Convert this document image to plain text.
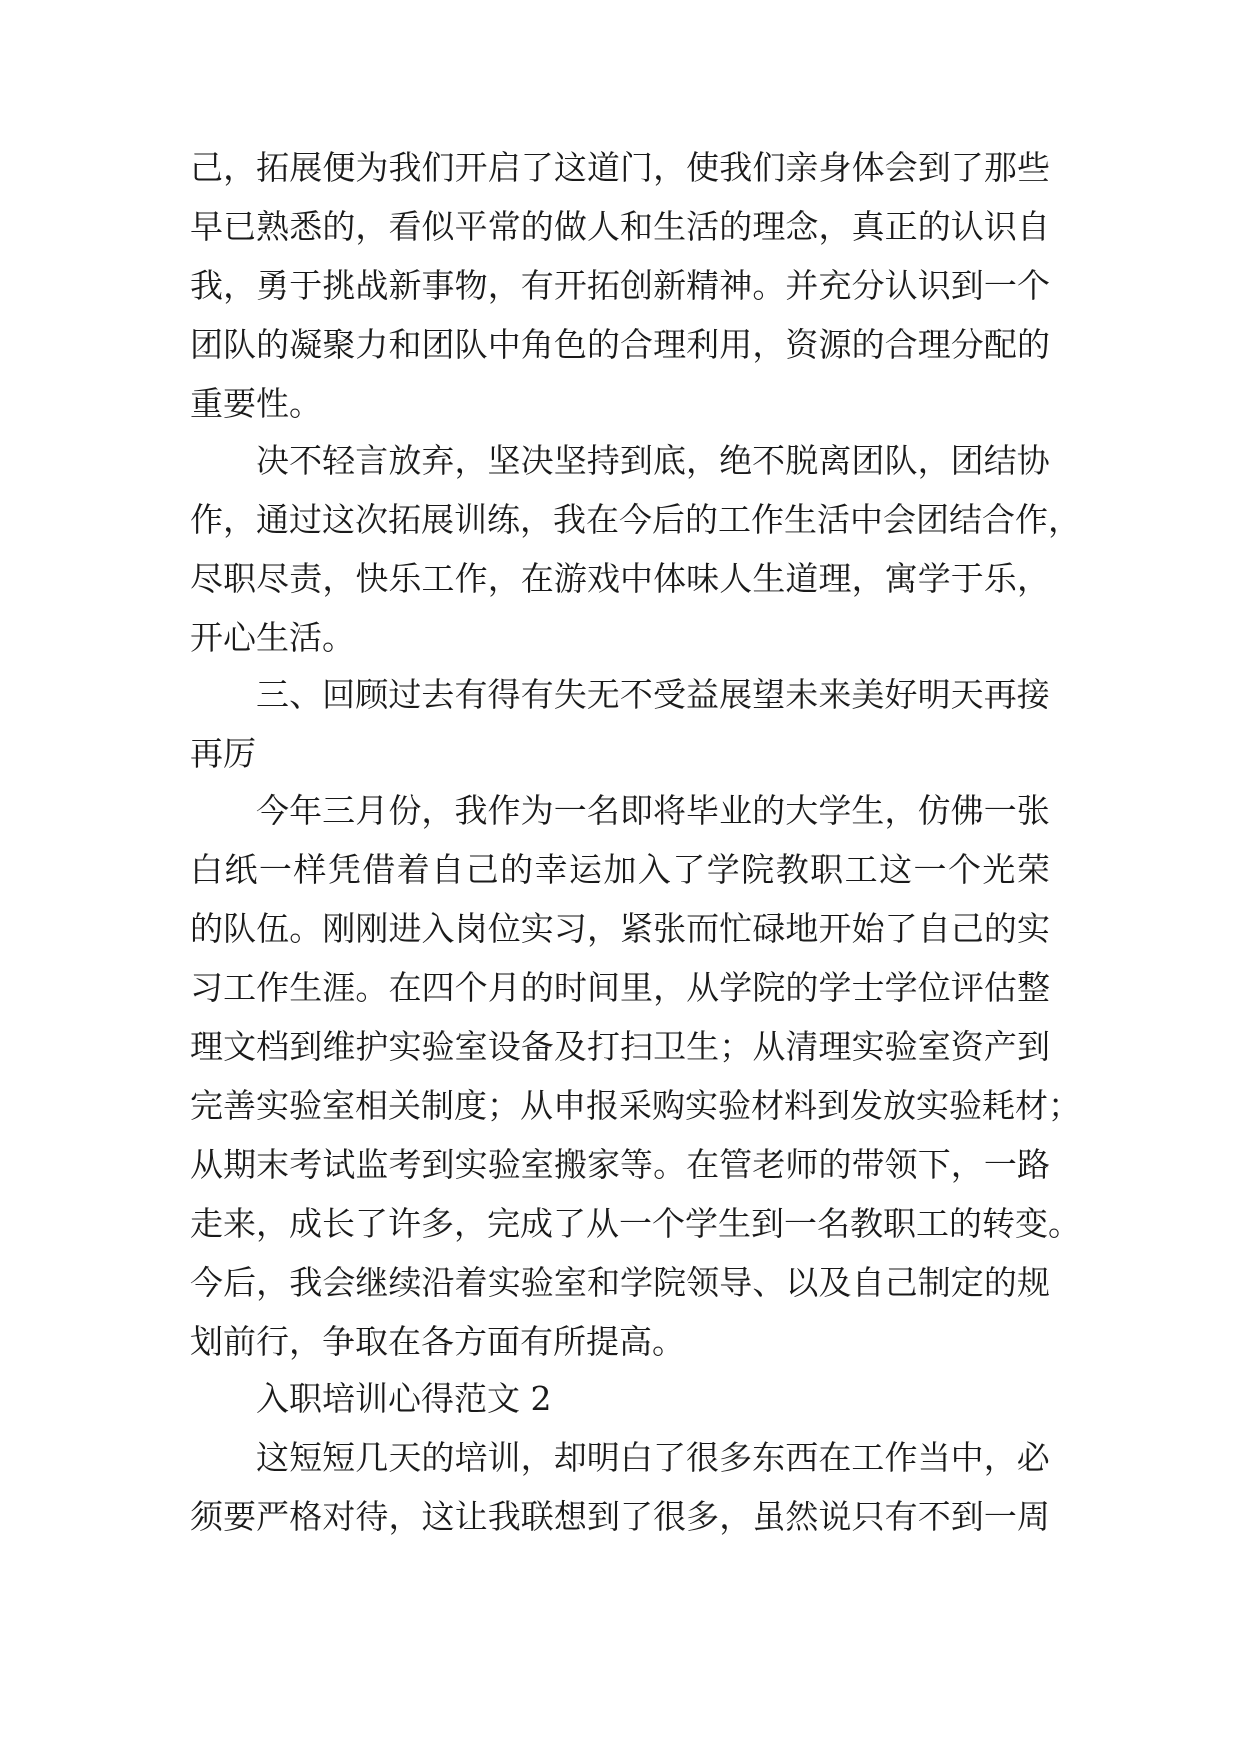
己 ， 拓 展 便 为 我 们 开 启 了 这 道 门 ， 使 我 们 亲 身 体 会 到 了 那 些

早 已 熟 悉 的 ， 看 似 平 常 的 做 人 和 生 活 的 理 念 ， 真 正 的 认 识 自

我 ， 勇 于 挑 战 新 事 物 ， 有 开 拓 创 新 精 神 。 并 充 分 认 识 到 一 个

团 队 的 凝 聚 力 和 团 队 中 角 色 的 合 理 利 用 ， 资 源 的 合 理 分 配 的

重要性。

决 不 轻 言 放 弃 ， 坚 决 坚 持 到 底 ， 绝 不 脱 离 团 队 ， 团 结 协

作 ， 通 过 这 次 拓 展 训 练 ， 我 在 今 后 的 工 作 生 活 中 会 团 结 合 作 ，

尽 职 尽 责 ， 快 乐 工 作 ， 在 游 戏 中 体 味 人 生 道 理 ， 寓 学 于 乐 ，

开心生活。

三 、 回 顾 过 去 有 得 有 失 无 不 受 益 展 望 未 来 美 好 明 天 再 接

再厉

今 年 三 月 份 ， 我 作 为 一 名 即 将 毕 业 的 大 学 生 ， 仿 佛 一 张

白 纸 一 样 凭 借 着 自 己 的 幸 运 加 入 了 学 院 教 职 工 这 一 个 光 荣

的 队 伍 。 刚 刚 进 入 岗 位 实 习 ， 紧 张 而 忙 碌 地 开 始 了 自 己 的 实

习 工 作 生 涯 。 在 四 个 月 的 时 间 里 ， 从 学 院 的 学 士 学 位 评 估 整

理 文 档 到 维 护 实 验 室 设 备 及 打 扫 卫 生 ； 从 清 理 实 验 室 资 产 到

完 善 实 验 室 相 关 制 度 ； 从 申 报 采 购 实 验 材 料 到 发 放 实 验 耗 材 ；

从 期 末 考 试 监 考 到 实 验 室 搬 家 等 。 在 管 老 师 的 带 领 下 ， 一 路

走 来 ， 成 长 了 许 多 ， 完 成 了 从 一 个 学 生 到 一 名 教 职 工 的 转 变 。

今 后 ， 我 会 继 续 沿 着 实 验 室 和 学 院 领 导 、 以 及 自 己 制 定 的 规

划前行，争取在各方面有所提高。

入职培训心得范文 2

这 短 短 几 天 的 培 训 ， 却 明 白 了 很 多 东 西 在 工 作 当 中 ， 必

须 要 严 格 对 待 ， 这 让 我 联 想 到 了 很 多 ， 虽 然 说 只 有 不 到 一 周
